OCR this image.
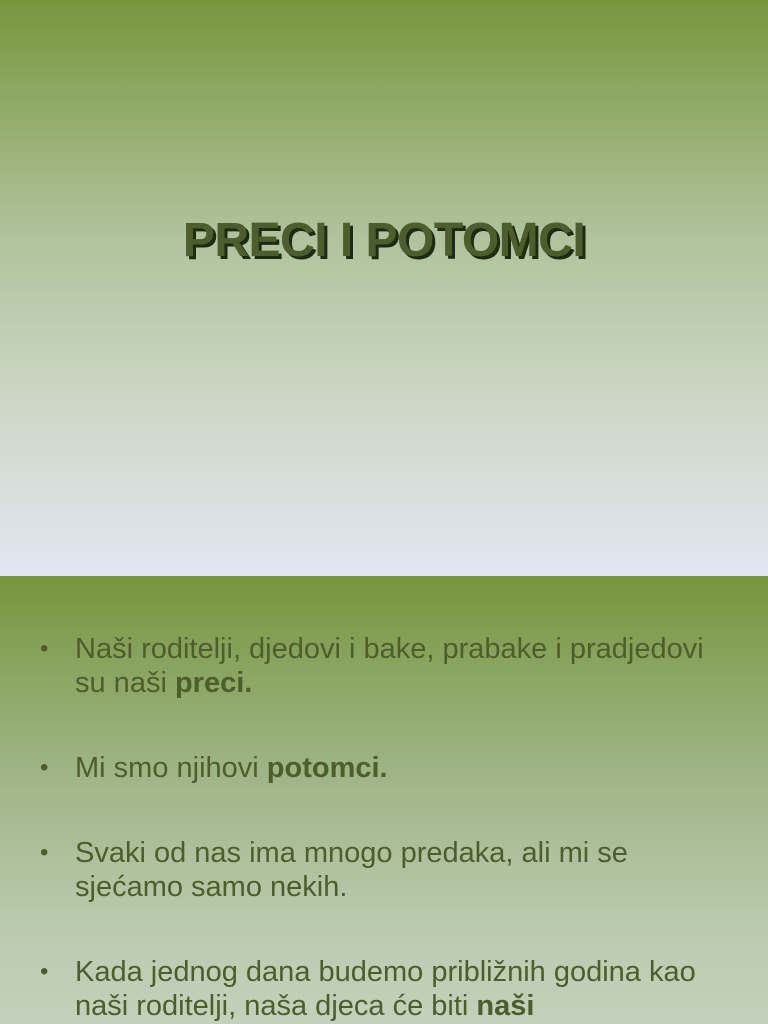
PRECI I POTOMCI
• Naši roditelji, djedovi i bake, prabake i pradjedovi su naši preci.
• Mi smo njihovi potomci.
• Svaki od nas ima mnogo predaka, ali mi se sjećamo samo nekih.
• Kada jednog dana budemo približnih godina kao naši roditelji, naša djeca će biti naši
